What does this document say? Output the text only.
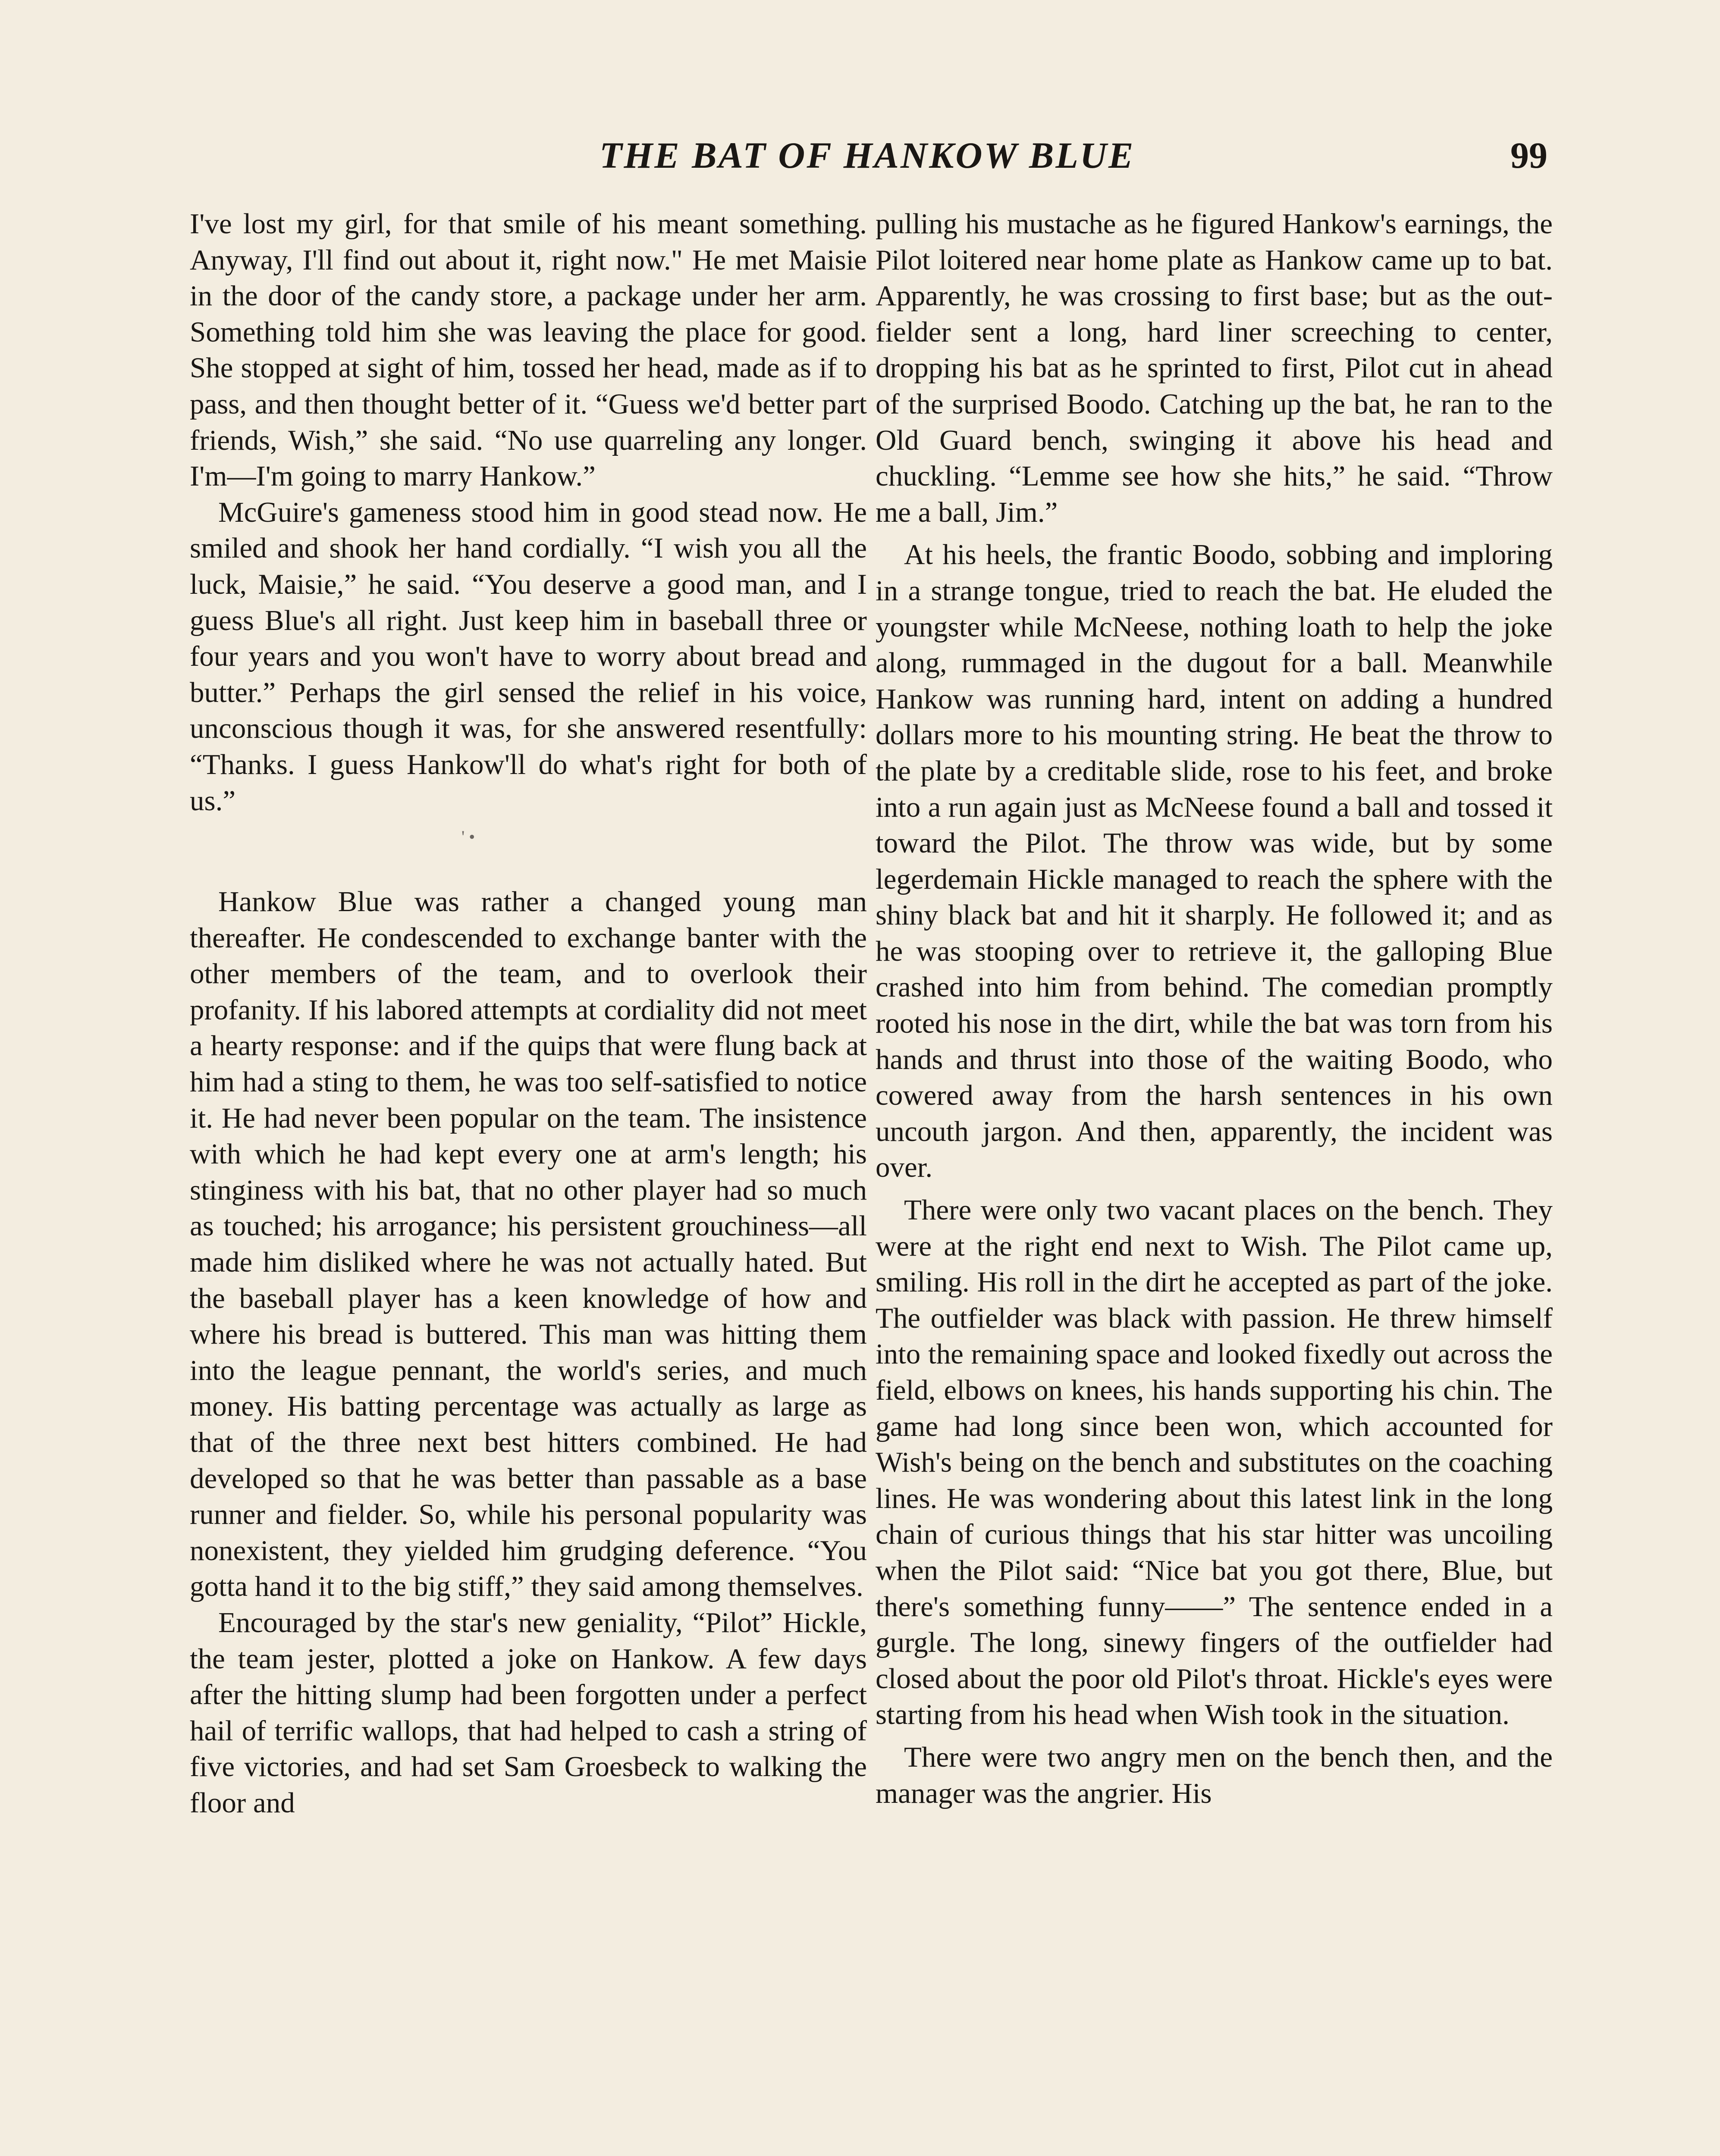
THE BAT OF HANKOW BLUE	99

I've lost my girl, for that smile of his meant something. Anyway, I'll find out about it, right now." He met Maisie in the door of the candy store, a package under her arm. Something told him she was leaving the place for good. She stopped at sight of him, tossed her head, made as if to pass, and then thought better of it. “Guess we'd better part friends, Wish,” she said. “No use quarreling any longer. I'm—I'm going to marry Hankow.”

McGuire's gameness stood him in good stead now. He smiled and shook her hand cordially. “I wish you all the luck, Maisie,” he said. “You deserve a good man, and I guess Blue's all right. Just keep him in baseball three or four years and you won't have to worry about bread and butter.” Perhaps the girl sensed the relief in his voice, unconscious though it was, for she answered resentfully: “Thanks. I guess Hankow'll do what's right for both of us.”

' •

Hankow Blue was rather a changed young man thereafter. He condescended to exchange banter with the other members of the team, and to overlook their profanity. If his labored attempts at cordiality did not meet a hearty response: and if the quips that were flung back at him had a sting to them, he was too self-satisfied to notice it. He had never been popular on the team. The insistence with which he had kept every one at arm's length; his stinginess with his bat, that no other player had so much as touched; his arrogance; his persistent grouchiness—all made him disliked where he was not actually hated. But the baseball player has a keen knowledge of how and where his bread is buttered. This man was hitting them into the league pennant, the world's series, and much money. His batting percentage was actually as large as that of the three next best hitters combined. He had developed so that he was better than passable as a base runner and fielder. So, while his personal popularity was nonexistent, they yielded him grudging deference. “You gotta hand it to the big stiff,” they said among themselves.

Encouraged by the star's new geniality, “Pilot” Hickle, the team jester, plotted a joke on Hankow. A few days after the hitting slump had been forgotten under a perfect hail of terrific wallops, that had helped to cash a string of five victories, and had set Sam Groesbeck to walking the floor and

pulling his mustache as he figured Hankow's earnings, the Pilot loitered near home plate as Hankow came up to bat. Apparently, he was crossing to first base; but as the outfielder sent a long, hard liner screeching to center, dropping his bat as he sprinted to first, Pilot cut in ahead of the surprised Boodo. Catching up the bat, he ran to the Old Guard bench, swinging it above his head and chuckling. “Lemme see how she hits,” he said. “Throw me a ball, Jim.”

At his heels, the frantic Boodo, sobbing and imploring in a strange tongue, tried to reach the bat. He eluded the youngster while McNeese, nothing loath to help the joke along, rummaged in the dugout for a ball. Meanwhile Hankow was running hard, intent on adding a hundred dollars more to his mounting string. He beat the throw to the plate by a creditable slide, rose to his feet, and broke into a run again just as McNeese found a ball and tossed it toward the Pilot. The throw was wide, but by some legerdemain Hickle managed to reach the sphere with the shiny black bat and hit it sharply. He followed it; and as he was stooping over to retrieve it, the galloping Blue crashed into him from behind. The comedian promptly rooted his nose in the dirt, while the bat was torn from his hands and thrust into those of the waiting Boodo, who cowered away from the harsh sentences in his own uncouth jargon. And then, apparently, the incident was over.

There were only two vacant places on the bench. They were at the right end next to Wish. The Pilot came up, smiling. His roll in the dirt he accepted as part of the joke. The outfielder was black with passion. He threw himself into the remaining space and looked fixedly out across the field, elbows on knees, his hands supporting his chin. The game had long since been won, which accounted for Wish's being on the bench and substitutes on the coaching lines. He was wondering about this latest link in the long chain of curious things that his star hitter was uncoiling when the Pilot said: “Nice bat you got there, Blue, but there's something funny——” The sentence ended in a gurgle. The long, sinewy fingers of the outfielder had closed about the poor old Pilot's throat. Hickle's eyes were starting from his head when Wish took in the situation.

There were two angry men on the bench then, and the manager was the angrier. His
